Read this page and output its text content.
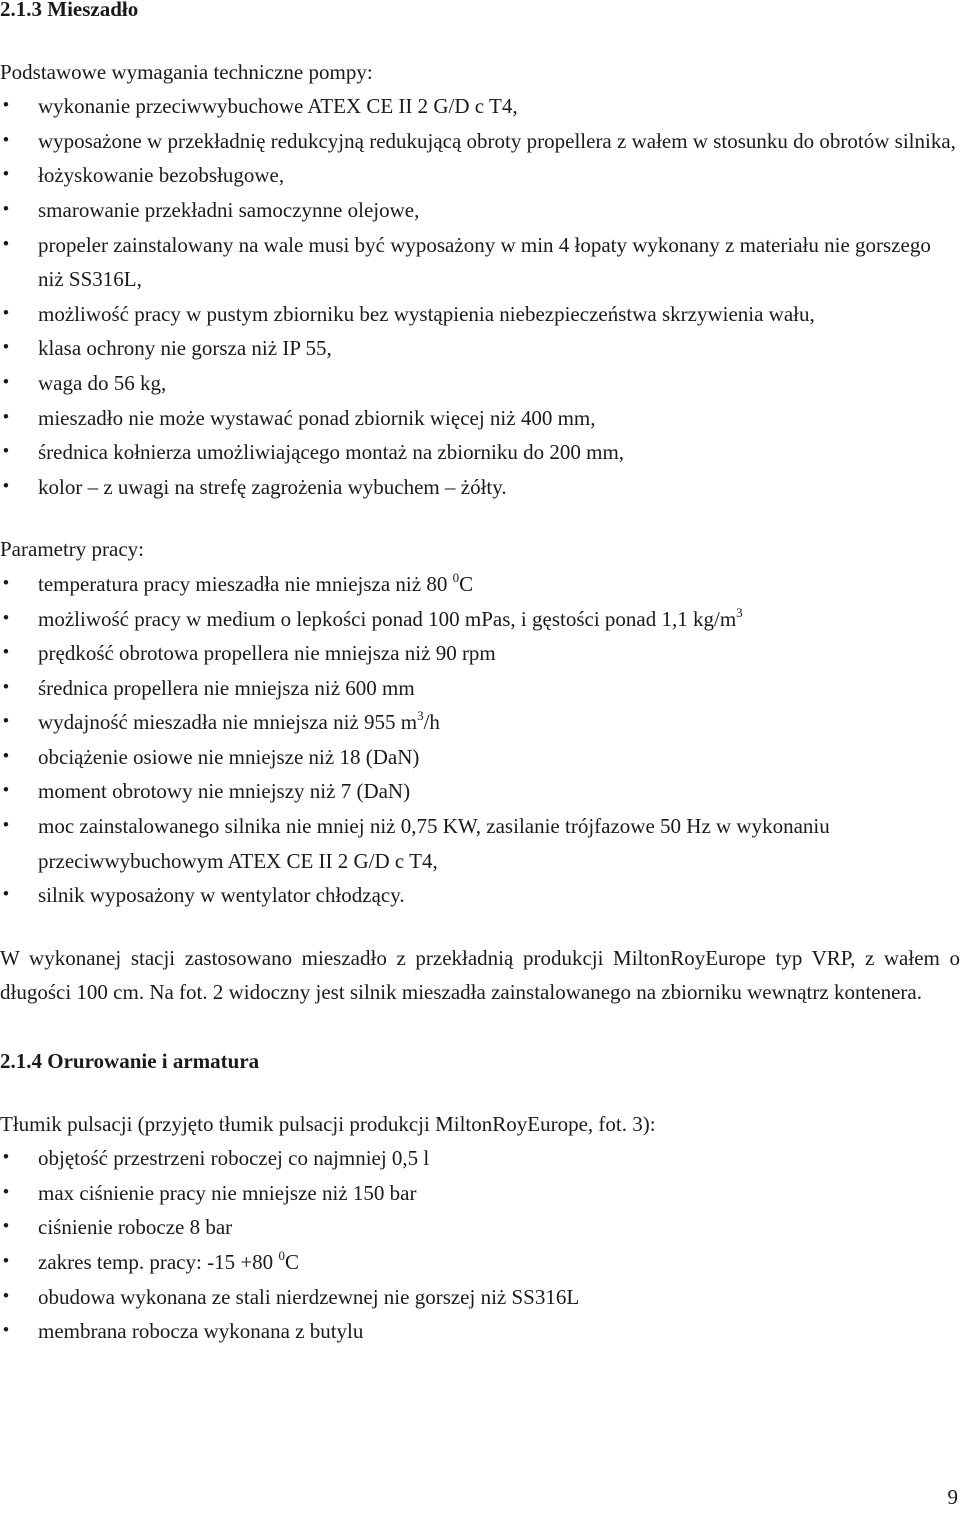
2.1.3 Mieszadło

Podstawowe wymagania techniczne pompy:

•
wykonanie przeciwwybuchowe ATEX CE II 2 G/D c T4,
•
wyposażone w przekładnię redukcyjną redukującą obroty propellera z wałem w stosunku do obrotów silnika,
•
łożyskowanie bezobsługowe,
•
smarowanie przekładni samoczynne olejowe,
•
propeler zainstalowany na wale musi być wyposażony w min 4 łopaty wykonany z materiału nie gorszego niż SS316L,
•
możliwość pracy w pustym zbiorniku bez wystąpienia niebezpieczeństwa skrzywienia wału,
•
klasa ochrony nie gorsza niż IP 55,
•
waga do 56 kg,
•
mieszadło nie może wystawać ponad zbiornik więcej niż 400 mm,
•
średnica kołnierza umożliwiającego montaż na zbiorniku do 200 mm,
•
kolor – z uwagi na strefę zagrożenia wybuchem – żółty.

Parametry pracy:

•
temperatura pracy mieszadła nie mniejsza niż 80 $^0$C
•
możliwość pracy w medium o lepkości ponad 100 mPas, i gęstości ponad 1,1 $kg/m^3$
•
prędkość obrotowa propellera nie mniejsza niż 90 rpm
•
średnica propellera nie mniejsza niż 600 mm
•
wydajność mieszadła nie mniejsza niż 955 $m^3/h$
•
obciążenie osiowe nie mniejsze niż 18 (DaN)
•
moment obrotowy nie mniejszy niż 7 (DaN)
•
moc zainstalowanego silnika nie mniej niż 0,75 KW, zasilanie trójfazowe 50 Hz w wykonaniu przeciwwybuchowym ATEX CE II 2 G/D c T4,
•
silnik wyposażony w wentylator chłodzący.

W wykonanej stacji zastosowano mieszadło z przekładnią produkcji MiltonRoyEurope typ VRP, z wałem o długości 100 cm. Na fot. 2 widoczny jest silnik mieszadła zainstalowanego na zbiorniku wewnątrz kontenera.

2.1.4 Orurowanie i armatura

Tłumik pulsacji (przyjęto tłumik pulsacji produkcji MiltonRoyEurope, fot. 3):

•
objętość przestrzeni roboczej co najmniej 0,5 l
•
max ciśnienie pracy nie mniejsze niż 150 bar
•
ciśnienie robocze 8 bar
•
zakres temp. pracy: -15 +80 $^0$C
•
obudowa wykonana ze stali nierdzewnej nie gorszej niż SS316L
•
membrana robocza wykonana z butylu
9
